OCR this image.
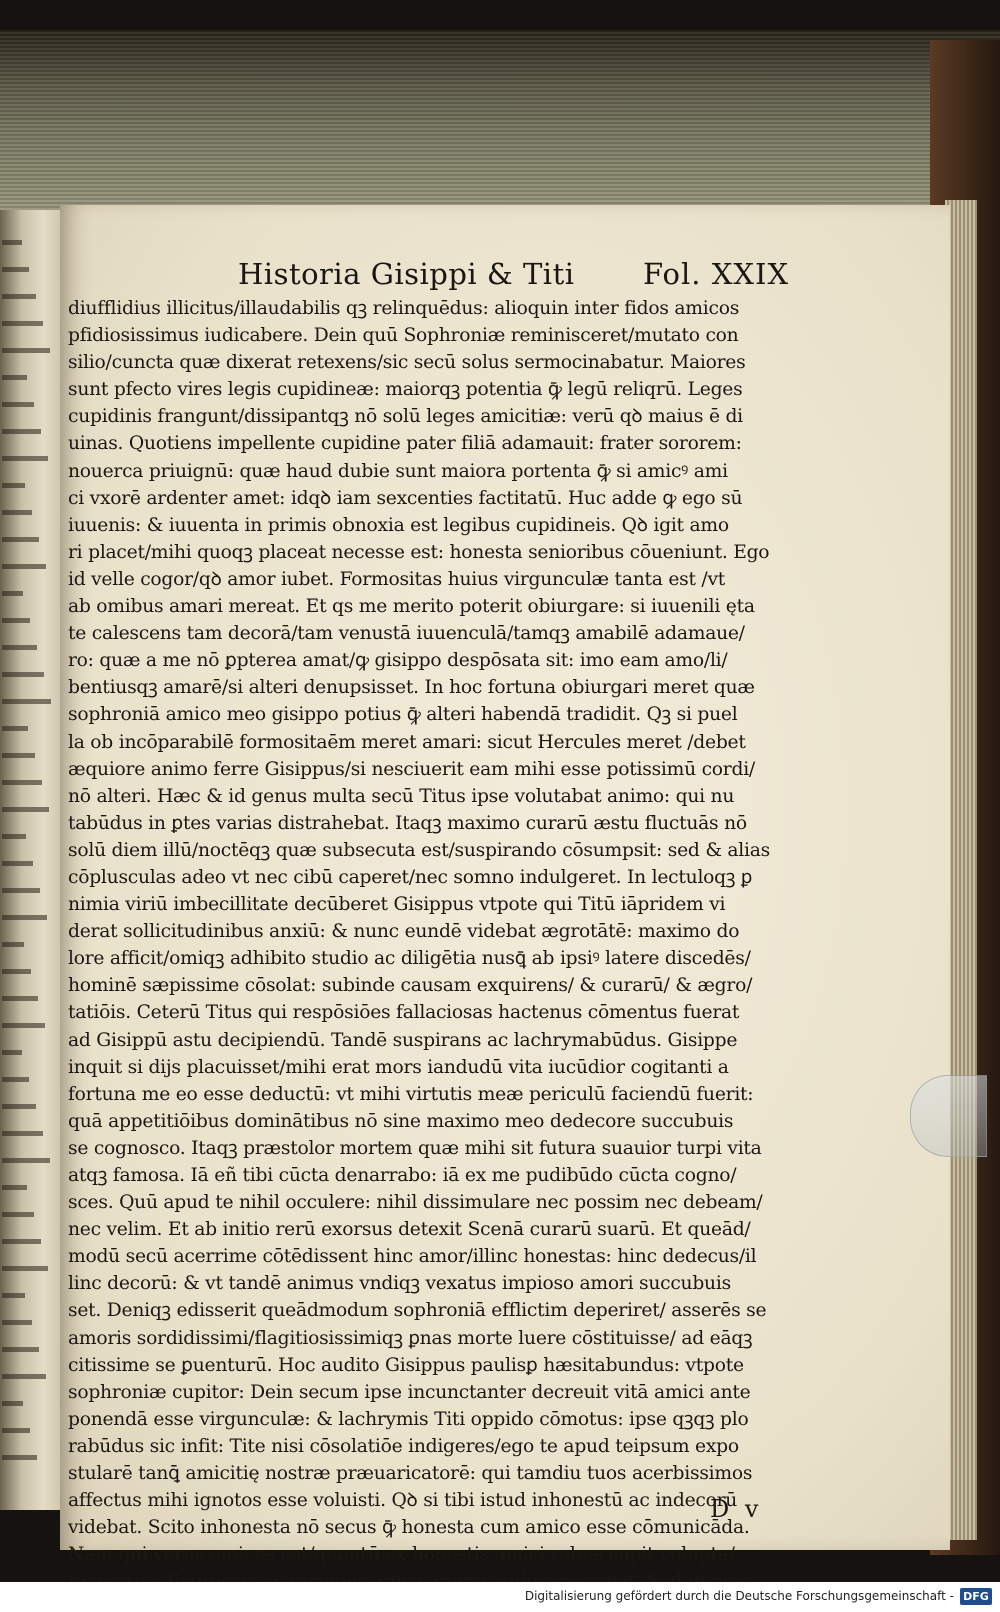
Historia Gisippi & Titi Fol. XXIX
diufflidius illicitus/illaudabilis qꝫ relinquēdus: alioquin inter fidos amicos
pfidiosissimus iudicabere. Dein quū Sophroniæ reminisceret/mutato con
silio/cuncta quæ dixerat retexens/sic secū solus sermocinabatur. Maiores
sunt pfecto vires legis cupidineæ: maiorqꝫ potentia ꝙ̄ legū reliqrū. Leges
cupidinis frangunt/dissipantqꝫ nō solū leges amicitiæ: verū qꝺ maius ē di
uinas. Quotiens impellente cupidine pater filiā adamauit: frater sororem:
nouerca priuignū: quæ haud dubie sunt maiora portenta ꝙ̄ si amicꝰ ami
ci vxorē ardenter amet: idqꝺ iam sexcenties factitatū. Huc adde ꝙ ego sū
iuuenis: & iuuenta in primis obnoxia est legibus cupidineis. Qꝺ igit amo
ri placet/mihi quoqꝫ placeat necesse est: honesta senioribus cōueniunt. Ego
id velle cogor/qꝺ amor iubet. Formositas huius virgunculæ tanta est /vt
ab omibus amari mereat. Et qs me merito poterit obiurgare: si iuuenili ęta
te calescens tam decorā/tam venustā iuuenculā/tamqꝫ amabilē adamaue/
ro: quæ a me nō ꝑpterea amat/ꝙ gisippo despōsata sit: imo eam amo/li/
bentiusqꝫ amarē/si alteri denupsisset. In hoc fortuna obiurgari meret quæ
sophroniā amico meo gisippo potius ꝙ̄ alteri habendā tradidit. Qꝫ si puel
la ob incōparabilē formositaēm meret amari: sicut Hercules meret /debet
æquiore animo ferre Gisippus/si nesciuerit eam mihi esse potissimū cordi/
nō alteri. Hæc & id genus multa secū Titus ipse volutabat animo: qui nu
tabūdus in ꝑtes varias distrahebat. Itaqꝫ maximo curarū æstu fluctuās nō
solū diem illū/noctēqꝫ quæ subsecuta est/suspirando cōsumpsit: sed & alias
cōplusculas adeo vt nec cibū caperet/nec somno indulgeret. In lectuloqꝫ ꝑ
nimia viriū imbecillitate decūberet Gisippus vtpote qui Titū iāpridem vi
derat sollicitudinibus anxiū: & nunc eundē videbat ægrotātē: maximo do
lore afficit/omiqꝫ adhibito studio ac diligētia nusꝗ̄ ab ipsiꝰ latere discedēs/
hominē sæpissime cōsolat: subinde causam exquirens/ & curarū/ & ægro/
tatiōis. Ceterū Titus qui respōsiōes fallaciosas hactenus cōmentus fuerat
ad Gisippū astu decipiendū. Tandē suspirans ac lachrymabūdus. Gisippe
inquit si dijs placuisset/mihi erat mors iandudū vita iucūdior cogitanti a
fortuna me eo esse deductū: vt mihi virtutis meæ periculū faciendū fuerit:
quā appetitiōibus dominātibus nō sine maximo meo dedecore succubuis
se cognosco. Itaqꝫ præstolor mortem quæ mihi sit futura suauior turpi vita
atqꝫ famosa. Iā eñ tibi cūcta denarrabo: iā ex me pudibūdo cūcta cogno/
sces. Quū apud te nihil occulere: nihil dissimulare nec possim nec debeam/
nec velim. Et ab initio rerū exorsus detexit Scenā curarū suarū. Et queād/
modū secū acerrime cōtēdissent hinc amor/illinc honestas: hinc dedecus/il
linc decorū: & vt tandē animus vndiqꝫ vexatus impioso amori succubuis
set. Deniqꝫ edisserit queādmodum sophroniā efflictim deperiret/ asserēs se
amoris sordidissimi/flagitiosissimiqꝫ ꝑnas morte luere cōstituisse/ ad eāqꝫ
citissime se ꝑuenturū. Hoc audito Gisippus paulisꝑ hæsitabundus: vtpote
sophroniæ cupitor: Dein secum ipse incunctanter decreuit vitā amici ante
ponendā esse virgunculæ: & lachrymis Titi oppido cōmotus: ipse qꝫqꝫ plo
rabūdus sic infit: Tite nisi cōsolatiōe indigeres/ego te apud teipsum expo
stularē tanꝗ̄ amicitię nostræ præuaricatorē: qui tamdiu tuos acerbissimos
affectus mihi ignotos esse voluisti. Qꝺ si tibi istud inhonestū ac indecorū
videbat. Scito inhonesta nō secus ꝙ̄ honesta cum amico esse cōmunicāda.
Nam qui verus amicus est/quantū ex honestis amici rebus capit volupta/
D v
Digitalisierung gefördert durch die Deutsche Forschungsgemeinschaft - DFG
